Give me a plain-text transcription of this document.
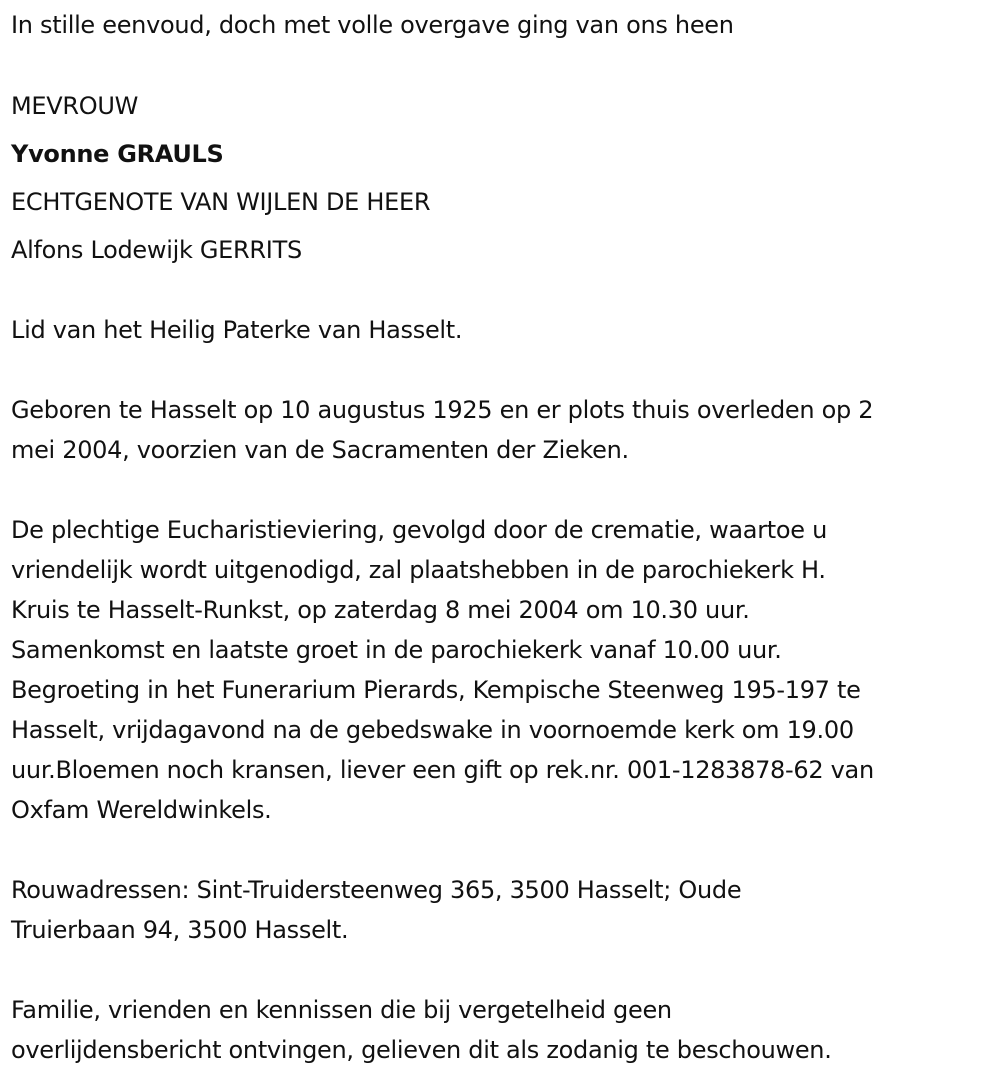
In stille eenvoud, doch met volle overgave ging van ons heen

MEVROUW

Yvonne GRAULS

ECHTGENOTE VAN WIJLEN DE HEER

Alfons Lodewijk GERRITS

Lid van het Heilig Paterke van Hasselt.

Geboren te Hasselt op 10 augustus 1925 en er plots thuis overleden op 2
mei 2004, voorzien van de Sacramenten der Zieken.
De plechtige Eucharistieviering, gevolgd door de crematie, waartoe u
vriendelijk wordt uitgenodigd, zal plaatshebben in de parochiekerk H.
Kruis te Hasselt-Runkst, op zaterdag 8 mei 2004 om 10.30 uur.
Samenkomst en laatste groet in de parochiekerk vanaf 10.00 uur.
Begroeting in het Funerarium Pierards, Kempische Steenweg 195-197 te
Hasselt, vrijdagavond na de gebedswake in voornoemde kerk om 19.00
uur.Bloemen noch kransen, liever een gift op rek.nr. 001-1283878-62 van
Oxfam Wereldwinkels.
Rouwadressen: Sint-Truidersteenweg 365, 3500 Hasselt; Oude
Truierbaan 94, 3500 Hasselt.
Familie, vrienden en kennissen die bij vergetelheid geen
overlijdensbericht ontvingen, gelieven dit als zodanig te beschouwen.
